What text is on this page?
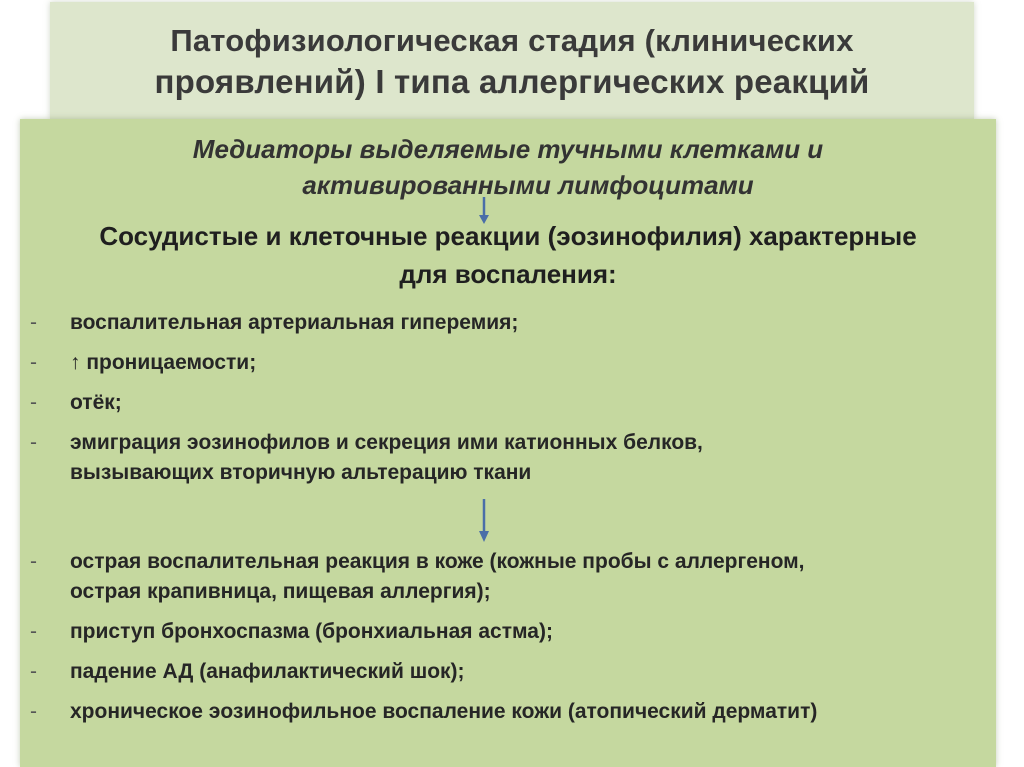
Патофизиологическая стадия (клинических
проявлений) I типа аллергических реакций
Медиаторы выделяемые тучными клетками и
активированными лимфоцитами
Сосудистые и клеточные реакции (эозинофилия) характерные
для воспаления:
- воспалительная артериальная гиперемия;
- ↑ проницаемости;
- отёк;
- эмиграция эозинофилов и секреция ими катионных белков,
вызывающих вторичную альтерацию ткани
- острая воспалительная реакция в коже (кожные пробы с аллергеном,
острая крапивница, пищевая аллергия);
- приступ бронхоспазма (бронхиальная астма);
- падение АД (анафилактический шок);
- хроническое эозинофильное воспаление кожи (атопический дерматит)
